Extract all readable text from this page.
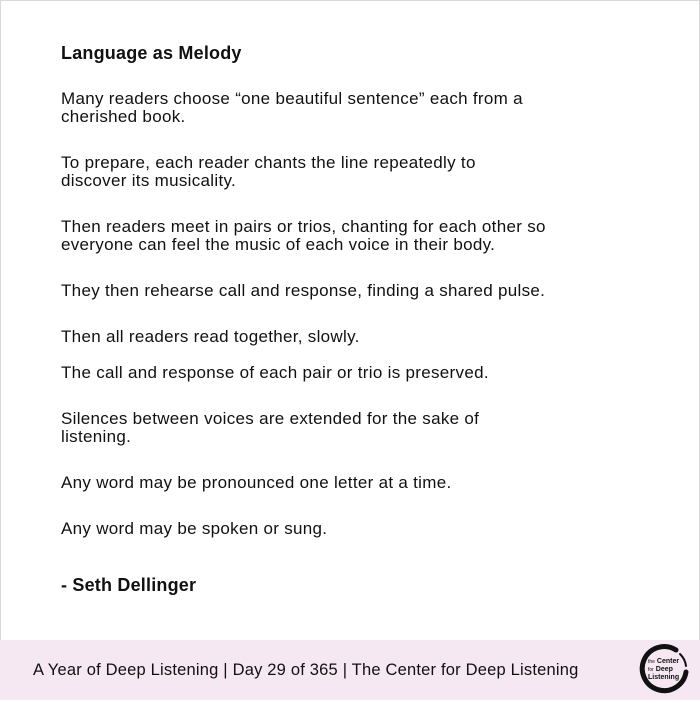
Language as Melody

Many readers choose “one beautiful sentence” each from a cherished book.

To prepare, each reader chants the line repeatedly to discover its musicality.

Then readers meet in pairs or trios, chanting for each other so everyone can feel the music of each voice in their body.

They then rehearse call and response, finding a shared pulse.

Then all readers read together, slowly.

The call and response of each pair or trio is preserved.

Silences between voices are extended for the sake of listening.

Any word may be pronounced one letter at a time.

Any word may be spoken or sung.

- Seth Dellinger
A Year of Deep Listening | Day 29 of 365 | The Center for Deep Listening	the Center
for Deep
Listening
